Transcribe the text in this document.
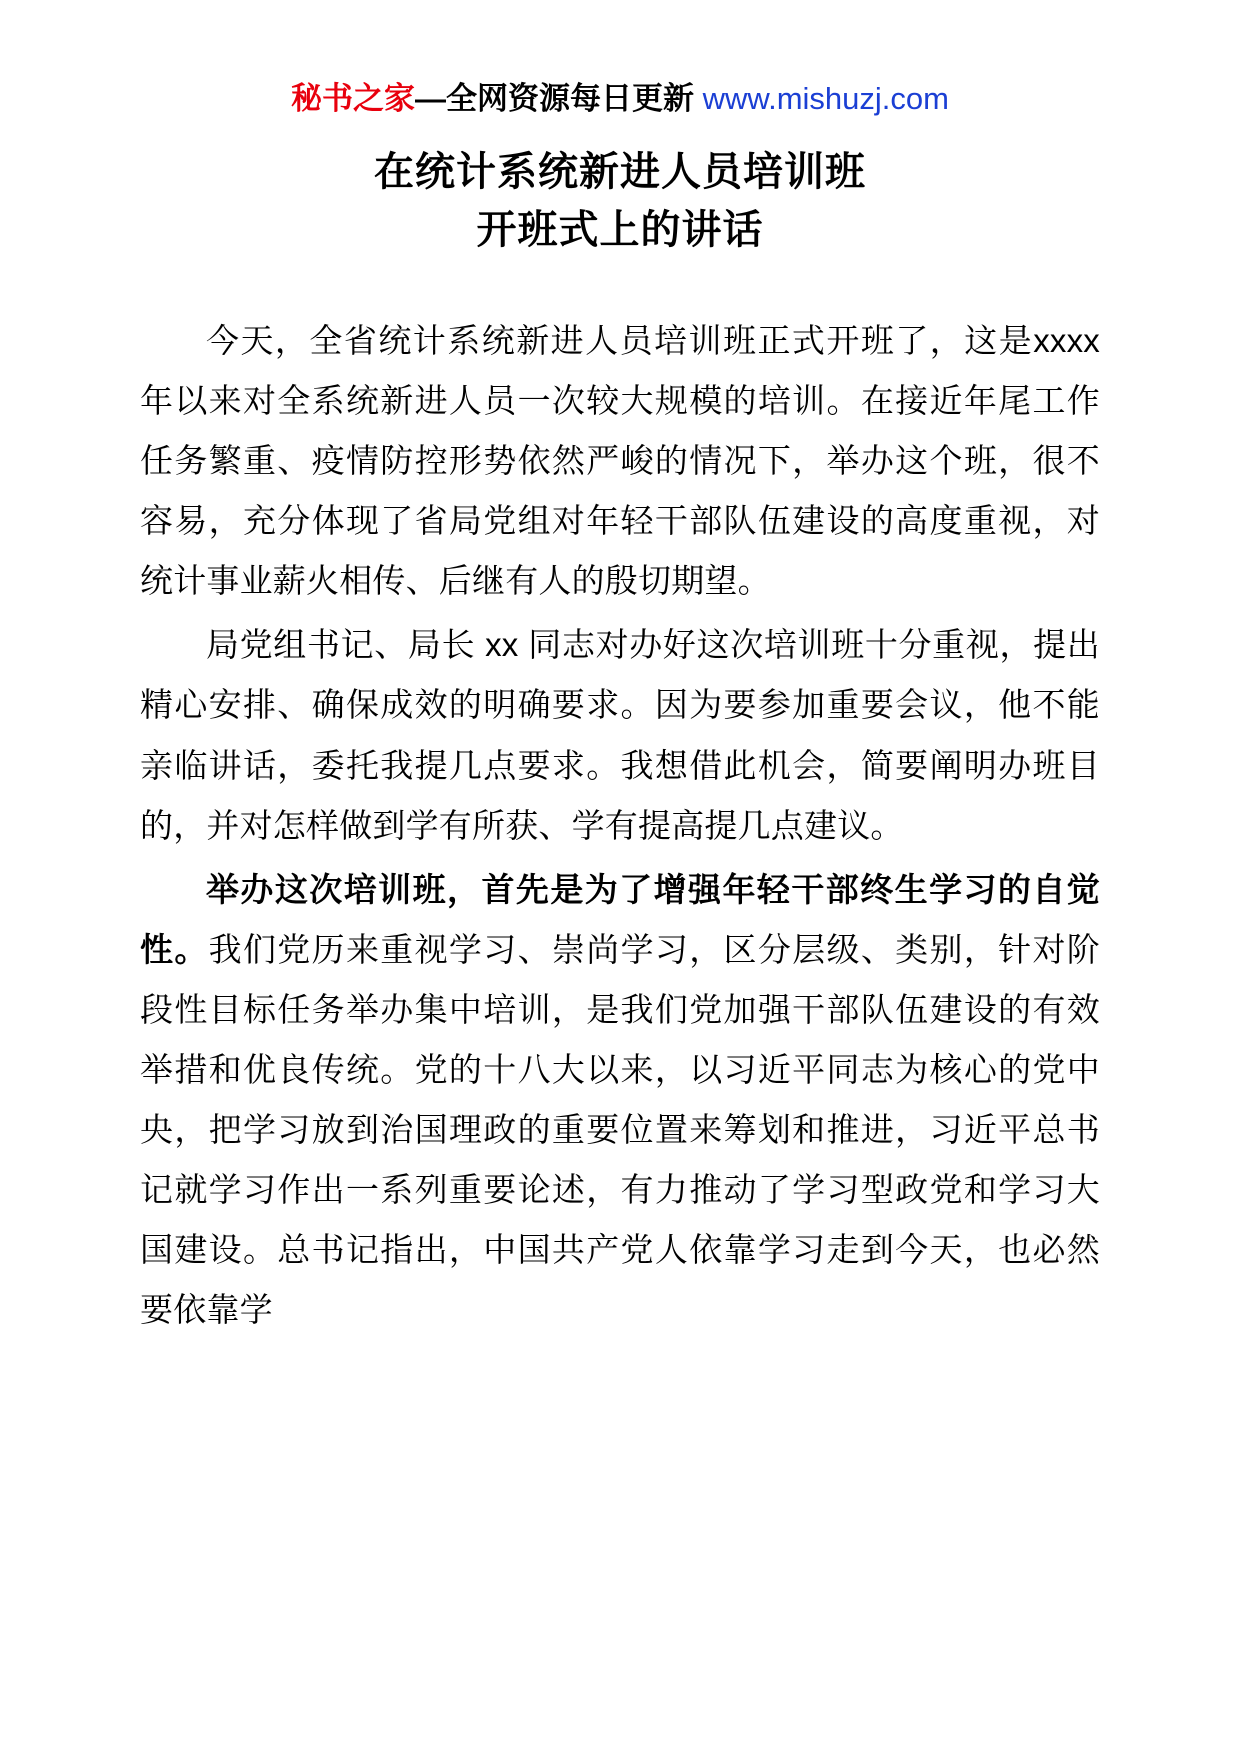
秘书之家—全网资源每日更新 www.mishuzj.com
在统计系统新进人员培训班
开班式上的讲话

今天，全省统计系统新进人员培训班正式开班了，这是xxxx 年以来对全系统新进人员一次较大规模的培训。在接近年尾工作任务繁重、疫情防控形势依然严峻的情况下，举办这个班，很不容易，充分体现了省局党组对年轻干部队伍建设的高度重视，对统计事业薪火相传、后继有人的殷切期望。

局党组书记、局长 xx 同志对办好这次培训班十分重视，提出精心安排、确保成效的明确要求。因为要参加重要会议，他不能亲临讲话，委托我提几点要求。我想借此机会，简要阐明办班目的，并对怎样做到学有所获、学有提高提几点建议。

举办这次培训班，首先是为了增强年轻干部终生学习的自觉性。我们党历来重视学习、崇尚学习，区分层级、类别，针对阶段性目标任务举办集中培训，是我们党加强干部队伍建设的有效举措和优良传统。党的十八大以来，以习近平同志为核心的党中央，把学习放到治国理政的重要位置来筹划和推进，习近平总书记就学习作出一系列重要论述，有力推动了学习型政党和学习大国建设。总书记指出，中国共产党人依靠学习走到今天，也必然要依靠学
